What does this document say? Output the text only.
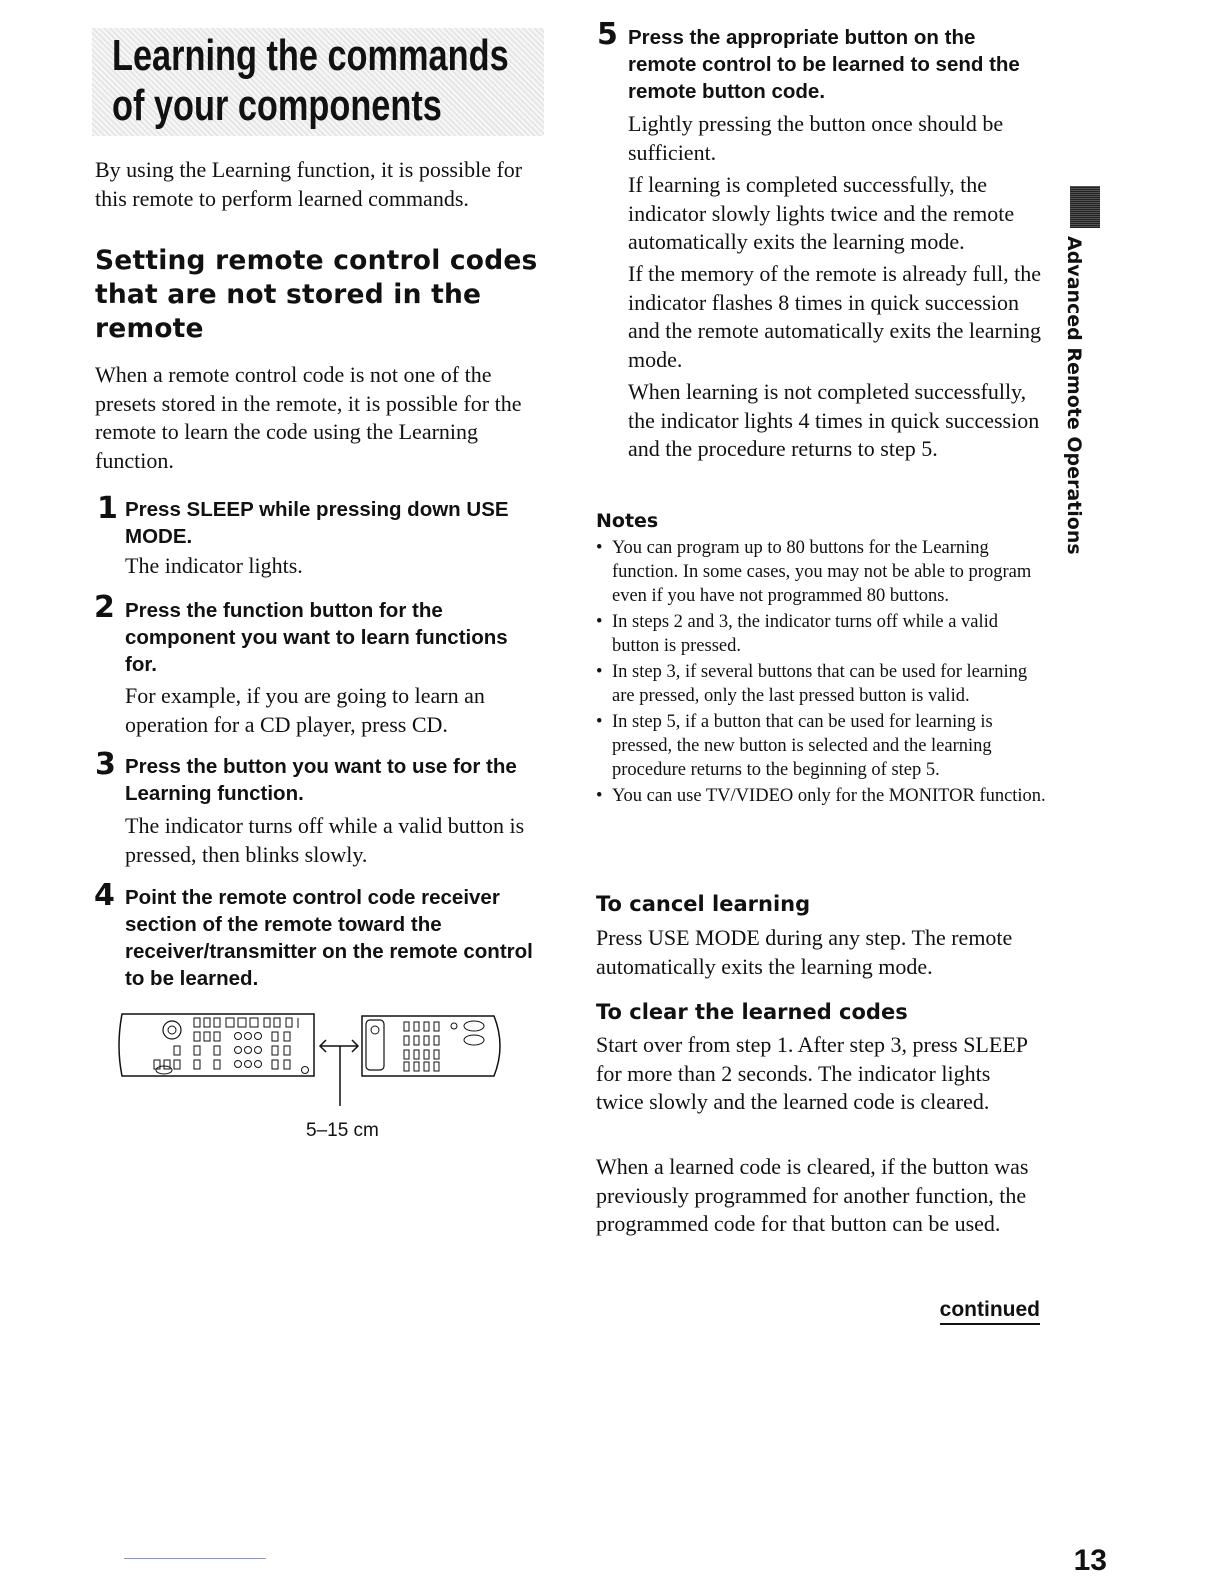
Learning the commands
of your components

By using the Learning function, it is possible for this remote to perform learned commands.

Setting remote control codes that are not stored in the remote

When a remote control code is not one of the presets stored in the remote, it is possible for the remote to learn the code using the Learning function.

1 Press SLEEP while pressing down USE MODE.

The indicator lights.

2 Press the function button for the component you want to learn functions for.

For example, if you are going to learn an operation for a CD player, press CD.

3 Press the button you want to use for the Learning function.

The indicator turns off while a valid button is pressed, then blinks slowly.

4 Point the remote control code receiver section of the remote toward the receiver/transmitter on the remote control to be learned.

5–15 cm
5 Press the appropriate button on the remote control to be learned to send the remote button code.

Lightly pressing the button once should be sufficient.

If learning is completed successfully, the indicator slowly lights twice and the remote automatically exits the learning mode.

If the memory of the remote is already full, the indicator flashes 8 times in quick succession and the remote automatically exits the learning mode.

When learning is not completed successfully, the indicator lights 4 times in quick succession and the procedure returns to step 5.

Notes
• You can program up to 80 buttons for the Learning function. In some cases, you may not be able to program even if you have not programmed 80 buttons.
• In steps 2 and 3, the indicator turns off while a valid button is pressed.
• In step 3, if several buttons that can be used for learning are pressed, only the last pressed button is valid.
• In step 5, if a button that can be used for learning is pressed, the new button is selected and the learning procedure returns to the beginning of step 5.
• You can use TV/VIDEO only for the MONITOR function.
To cancel learning

Press USE MODE during any step. The remote automatically exits the learning mode.

To clear the learned codes

Start over from step 1. After step 3, press SLEEP for more than 2 seconds. The indicator lights twice slowly and the learned code is cleared.

When a learned code is cleared, if the button was previously programmed for another function, the programmed code for that button can be used.

Advanced Remote Operations
continued
13
